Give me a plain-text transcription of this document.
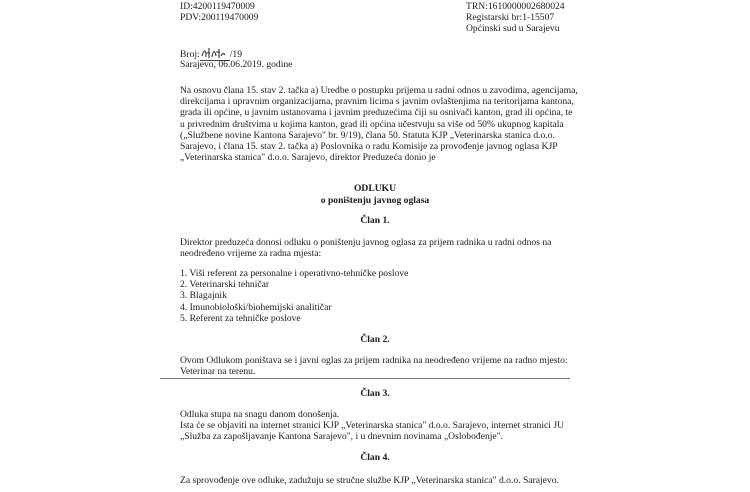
ID:4200119470009
PDV:200119470009
TRN:1610000002680024
Registarski br:1-15507
Općinski sud u Sarajevu
Broj:	/19
Sarajevo, 06.06.2019. godine
Na osnovu člana 15. stav 2. tačka a) Uredbe o postupku prijema u radni odnos u zavodima, agencijama,
direkcijama i upravnim organizacijama, pravnim licima s javnim ovlaštenjima na teritorijama kantona,
grada ili općine, u javnim ustanovama i javnim preduzećima čiji su osnivači kanton, grad ili općina, te
u privrednim društvima u kojima kanton, grad ili općina učestvuju sa više od 50% ukupnog kapitala
(„Službene novine Kantona Sarajevo" br. 9/19), člana 50. Statuta KJP „Veterinarska stanica d.o.o.
Sarajevo, i člana 15. stav 2. tačka a) Poslovnika o radu Komisije za provođenje javnog oglasa KJP
„Veterinarska stanica" d.o.o. Sarajevo, direktor Preduzeća donio je
ODLUKU
o poništenju javnog oglasa
Član 1.
Direktor preduzeća donosi odluku o poništenju javnog oglasa za prijem radnika u radni odnos na
neodređeno vrijeme za radna mjesta:
1. Viši referent za personalne i operativno-tehničke poslove
2. Veterinarski tehničar
3. Blagajnik
4. Imunobiološki/biohemijski analitičar
5. Referent za tehničke poslove
Član 2.
Ovom Odlukom poništava se i javni oglas za prijem radnika na neodređeno vrijeme na radno mjesto:
Veterinar na terenu.
Član 3.
Odluka stupa na snagu danom donošenja.
Ista će se objaviti na internet stranici KJP „Veterinarska stanica" d.o.o. Sarajevo, internet stranici JU
„Služba za zapošljavanje Kantona Sarajevo", i u dnevnim novinama „Oslobođenje".
Član 4.
Za sprovođenje ove odluke, zadužuju se stručne službe KJP „Veterinarska stanica" d.o.o. Sarajevo.
